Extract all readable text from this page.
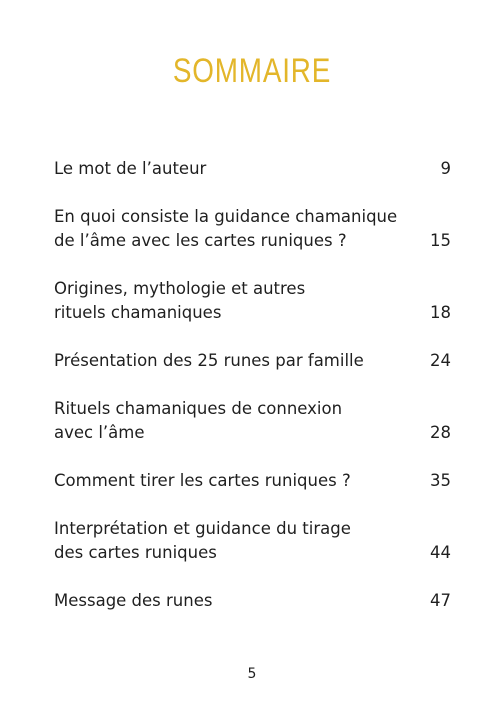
SOMMAIRE
Le mot de l’auteur	9
En quoi consiste la guidance chamanique
de l’âme avec les cartes runiques ?	15
Origines, mythologie et autres
rituels chamaniques	18
Présentation des 25 runes par famille	24
Rituels chamaniques de connexion
avec l’âme	28
Comment tirer les cartes runiques ?	35
Interprétation et guidance du tirage
des cartes runiques	44
Message des runes	47
5
